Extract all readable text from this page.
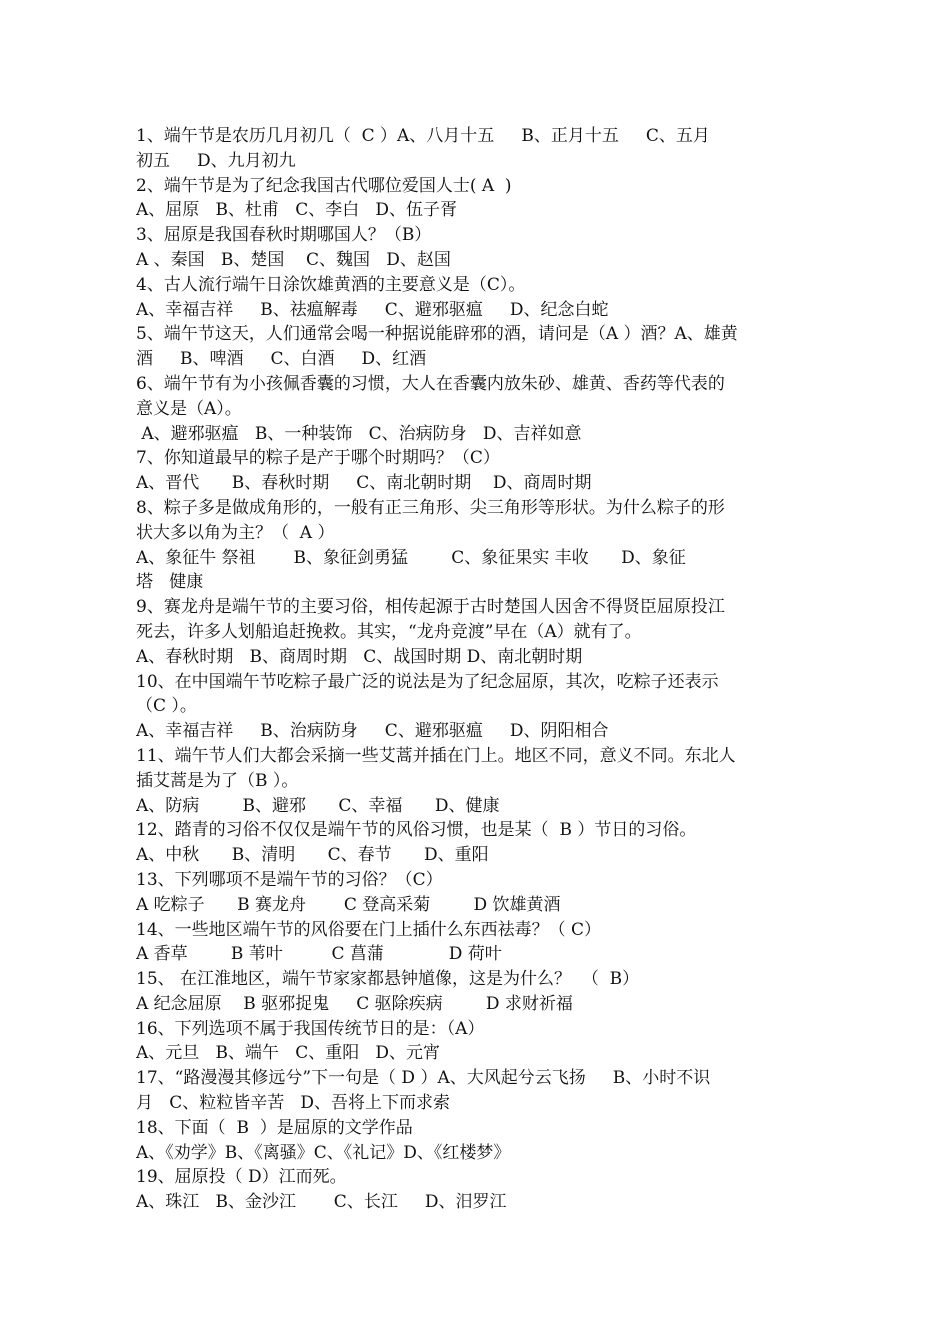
1、端午节是农历几月初几（  C ）A、八月十五     B、正月十五     C、五月

初五     D、九月初九

2、端午节是为了纪念我国古代哪位爱国人士( A  )

A、屈原   B、杜甫   C、李白   D、伍子胥

3、屈原是我国春秋时期哪国人？（B）

A 、秦国   B、楚国    C、魏国   D、赵国

4、古人流行端午日涂饮雄黄酒的主要意义是（C）。

A、幸福吉祥     B、祛瘟解毒     C、避邪驱瘟     D、纪念白蛇

5、端午节这天，人们通常会喝一种据说能辟邪的酒，请问是（A ）酒？A、雄黄

酒     B、啤酒     C、白酒     D、红酒

6、端午节有为小孩佩香囊的习惯，大人在香囊内放朱砂、雄黄、香药等代表的

意义是（A）。

A、避邪驱瘟   B、一种装饰   C、治病防身   D、吉祥如意

7、你知道最早的粽子是产于哪个时期吗？（C）

A、晋代      B、春秋时期     C、南北朝时期    D、商周时期

8、粽子多是做成角形的，一般有正三角形、尖三角形等形状。为什么粽子的形

状大多以角为主？（  A ）

A、象征牛 祭祖       B、象征剑勇猛        C、象征果实 丰收      D、象征

塔   健康

9、赛龙舟是端午节的主要习俗，相传起源于古时楚国人因舍不得贤臣屈原投江

死去，许多人划船追赶挽救。其实，“龙舟竞渡”早在（A）就有了。

A、春秋时期   B、商周时期   C、战国时期 D、南北朝时期

10、在中国端午节吃粽子最广泛的说法是为了纪念屈原，其次，吃粽子还表示

（C ）。

A、幸福吉祥     B、治病防身     C、避邪驱瘟     D、阴阳相合

11、端午节人们大都会采摘一些艾蒿并插在门上。地区不同，意义不同。东北人

插艾蒿是为了（B ）。

A、防病        B、避邪      C、幸福      D、健康

12、踏青的习俗不仅仅是端午节的风俗习惯，也是某（  B ）节日的习俗。

A、中秋      B、清明      C、春节      D、重阳

13、下列哪项不是端午节的习俗？（C）

A 吃粽子      B 赛龙舟       C 登高采菊        D 饮雄黄酒

14、一些地区端午节的风俗要在门上插什么东西祛毒？（ C）

A 香草        B 苇叶         C 菖蒲            D 荷叶

15、 在江淮地区，端午节家家都悬钟馗像，这是为什么？  （  B）

A 纪念屈原    B 驱邪捉鬼     C 驱除疾病        D 求财祈福

16、下列选项不属于我国传统节日的是：（A）

A、元旦   B、端午   C、重阳   D、元宵

17、“路漫漫其修远兮”下一句是（ D ）A、大风起兮云飞扬     B、小时不识

月   C、粒粒皆辛苦   D、吾将上下而求索

18、下面（  B  ）是屈原的文学作品

A、《劝学》B、《离骚》C、《礼记》D、《红楼梦》

19、屈原投（ D）江而死。

A、珠江   B、金沙江       C、长江     D、汨罗江
